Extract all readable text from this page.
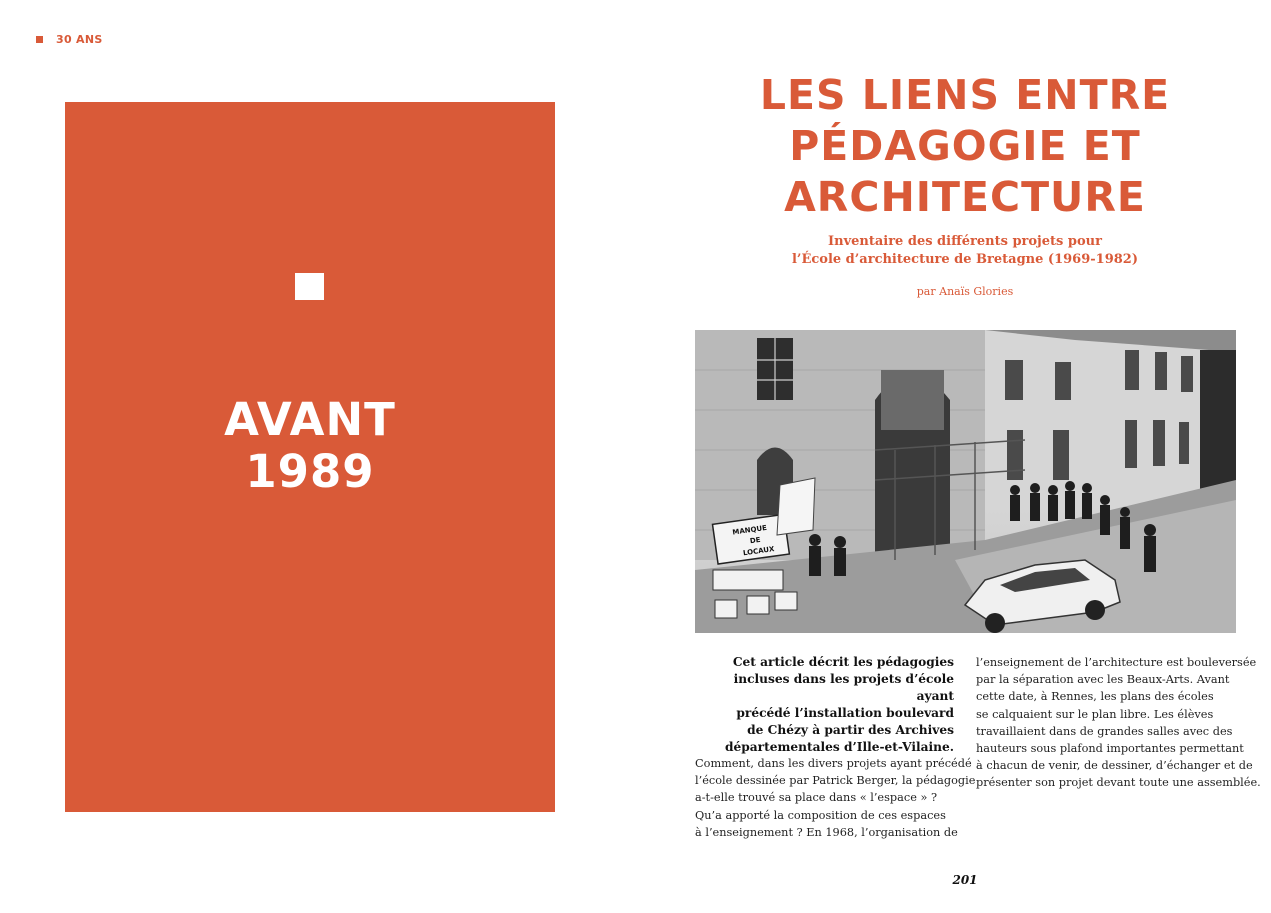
30 ANS
AVANT
1989
LES LIENS ENTRE
PÉDAGOGIE ET
ARCHITECTURE
Inventaire des différents projets pour
l’École d’architecture de Bretagne (1969-1982)
par Anaïs Glories
MANQUE
DE
LOCAUX
Cet article décrit les pédagogies
incluses dans les projets d’école ayant
précédé l’installation boulevard
de Chézy à partir des Archives
départementales d’Ille-et-Vilaine.
Comment, dans les divers projets ayant précédé
l’école dessinée par Patrick Berger, la pédagogie
a-t-elle trouvé sa place dans « l’espace » ?
Qu’a apporté la composition de ces espaces
à l’enseignement ? En 1968, l’organisation de
l’enseignement de l’architecture est bouleversée
par la séparation avec les Beaux-Arts. Avant
cette date, à Rennes, les plans des écoles
se calquaient sur le plan libre. Les élèves
travaillaient dans de grandes salles avec des
hauteurs sous plafond importantes permettant
à chacun de venir, de dessiner, d’échanger et de
présenter son projet devant toute une assemblée.
201
